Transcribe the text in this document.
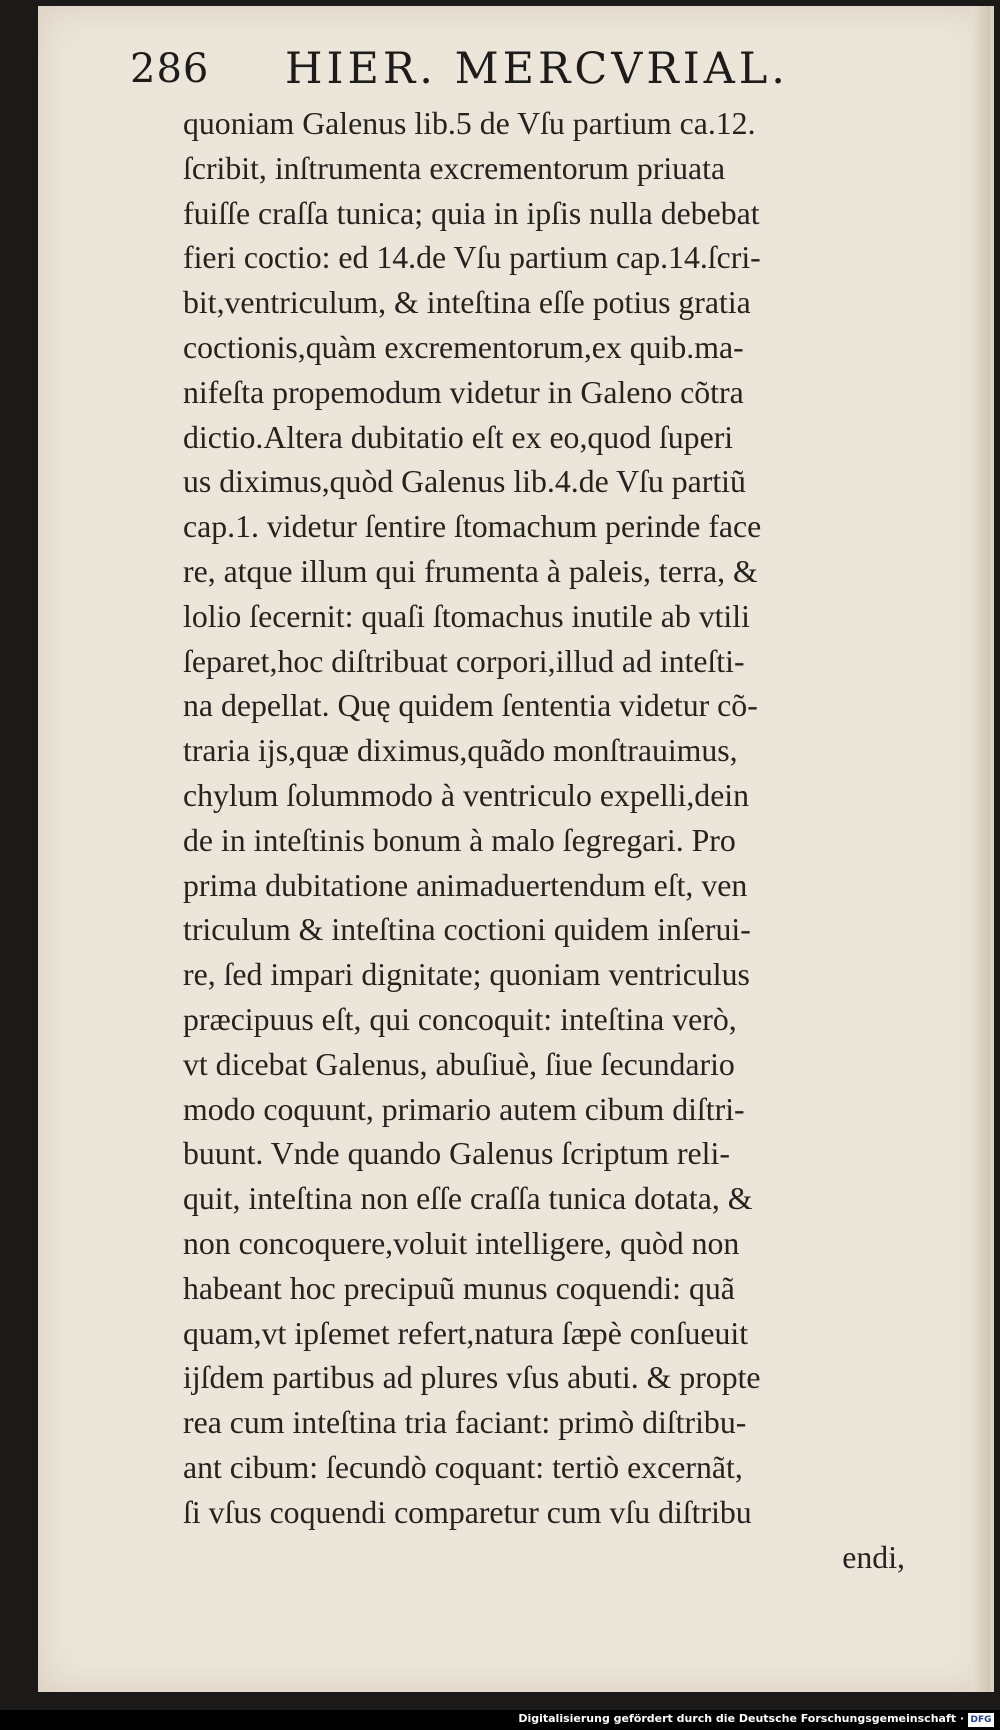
286 HIER. MERCVRIAL.
quoniam Galenus lib.5 de Vſu partium ca.12.
ſcribit, inſtrumenta excrementorum priuata
fuiſſe craſſa tunica; quia in ipſis nulla debebat
fieri coctio: ed 14.de Vſu partium cap.14.ſcri-
bit,ventriculum, & inteſtina eſſe potius gratia
coctionis,quàm excrementorum,ex quib.ma-
nifeſta propemodum videtur in Galeno cõtra
dictio.Altera dubitatio eſt ex eo,quod ſuperi
us diximus,quòd Galenus lib.4.de Vſu partiũ
cap.1. videtur ſentire ſtomachum perinde face
re, atque illum qui frumenta à paleis, terra, &
lolio ſecernit: quaſi ſtomachus inutile ab vtili
ſeparet,hoc diſtribuat corpori,illud ad inteſti-
na depellat. Quę quidem ſententia videtur cõ-
traria ijs,quæ diximus,quãdo monſtrauimus,
chylum ſolummodo à ventriculo expelli,dein
de in inteſtinis bonum à malo ſegregari. Pro
prima dubitatione animaduertendum eſt, ven
triculum & inteſtina coctioni quidem inſerui-
re, ſed impari dignitate; quoniam ventriculus
præcipuus eſt, qui concoquit: inteſtina verò,
vt dicebat Galenus, abuſiuè, ſiue ſecundario
modo coquunt, primario autem cibum diſtri-
buunt. Vnde quando Galenus ſcriptum reli-
quit, inteſtina non eſſe craſſa tunica dotata, &
non concoquere,voluit intelligere, quòd non
habeant hoc precipuũ munus coquendi: quã
quam,vt ipſemet refert,natura ſæpè conſueuit
ijſdem partibus ad plures vſus abuti. & propte
rea cum inteſtina tria faciant: primò diſtribu-
ant cibum: ſecundò coquant: tertiò excernãt,
ſi vſus coquendi comparetur cum vſu diſtribu
endi,
Digitalisierung gefördert durch die Deutsche Forschungsgemeinschaft · DFG
